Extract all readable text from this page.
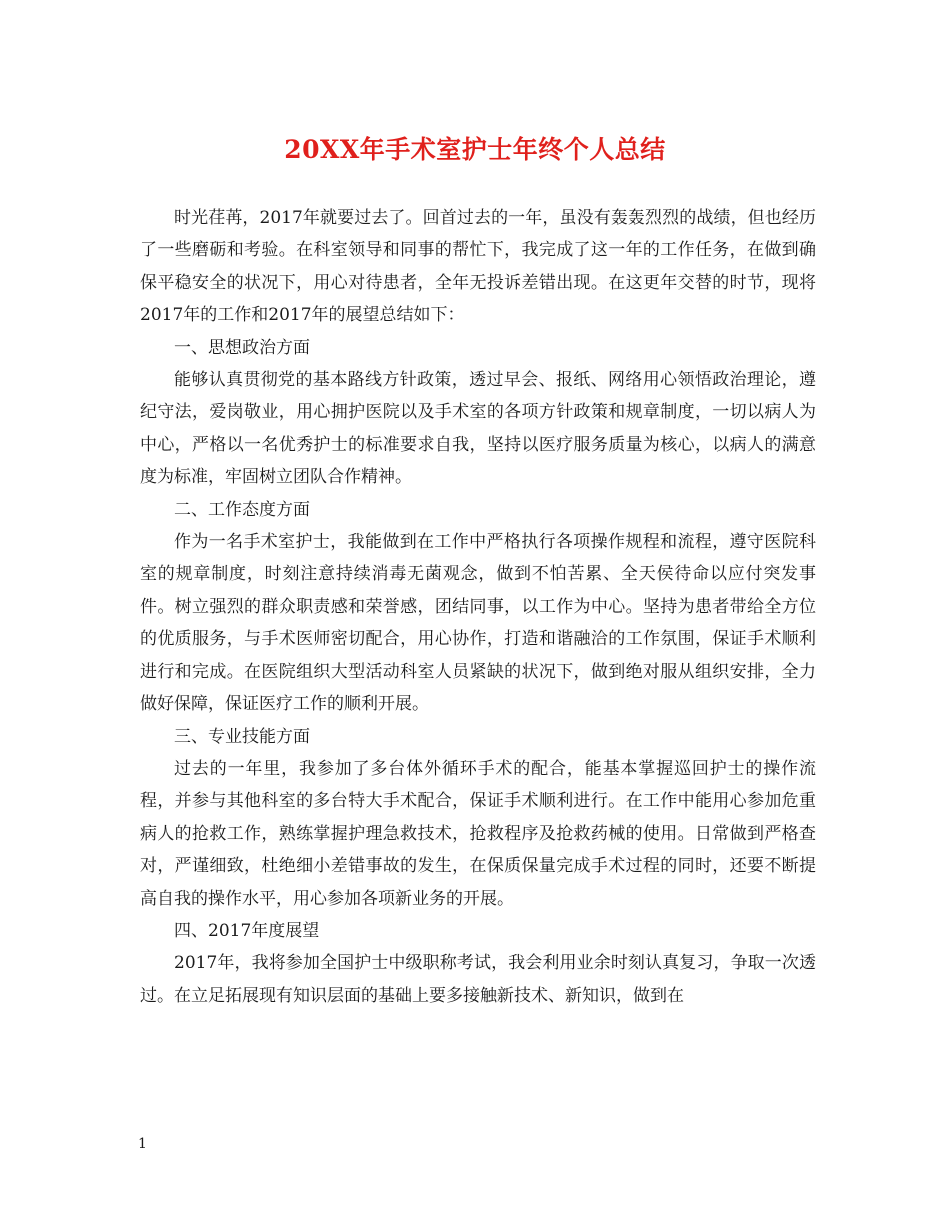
20XX年手术室护士年终个人总结

时光荏苒，2017年就要过去了。回首过去的一年，虽没有轰轰烈烈的战绩，但也经历了一些磨砺和考验。在科室领导和同事的帮忙下，我完成了这一年的工作任务，在做到确保平稳安全的状况下，用心对待患者，全年无投诉差错出现。在这更年交替的时节，现将2017年的工作和2017年的展望总结如下：

一、思想政治方面

能够认真贯彻党的基本路线方针政策，透过早会、报纸、网络用心领悟政治理论，遵纪守法，爱岗敬业，用心拥护医院以及手术室的各项方针政策和规章制度，一切以病人为中心，严格以一名优秀护士的标准要求自我，坚持以医疗服务质量为核心，以病人的满意度为标准，牢固树立团队合作精神。

二、工作态度方面

作为一名手术室护士，我能做到在工作中严格执行各项操作规程和流程，遵守医院科室的规章制度，时刻注意持续消毒无菌观念，做到不怕苦累、全天侯待命以应付突发事件。树立强烈的群众职责感和荣誉感，团结同事，以工作为中心。坚持为患者带给全方位的优质服务，与手术医师密切配合，用心协作，打造和谐融洽的工作氛围，保证手术顺利进行和完成。在医院组织大型活动科室人员紧缺的状况下，做到绝对服从组织安排，全力做好保障，保证医疗工作的顺利开展。

三、专业技能方面

过去的一年里，我参加了多台体外循环手术的配合，能基本掌握巡回护士的操作流程，并参与其他科室的多台特大手术配合，保证手术顺利进行。在工作中能用心参加危重病人的抢救工作，熟练掌握护理急救技术，抢救程序及抢救药械的使用。日常做到严格查对，严谨细致，杜绝细小差错事故的发生，在保质保量完成手术过程的同时，还要不断提高自我的操作水平，用心参加各项新业务的开展。

四、2017年度展望

2017年，我将参加全国护士中级职称考试，我会利用业余时刻认真复习，争取一次透过。在立足拓展现有知识层面的基础上要多接触新技术、新知识，做到在

1
